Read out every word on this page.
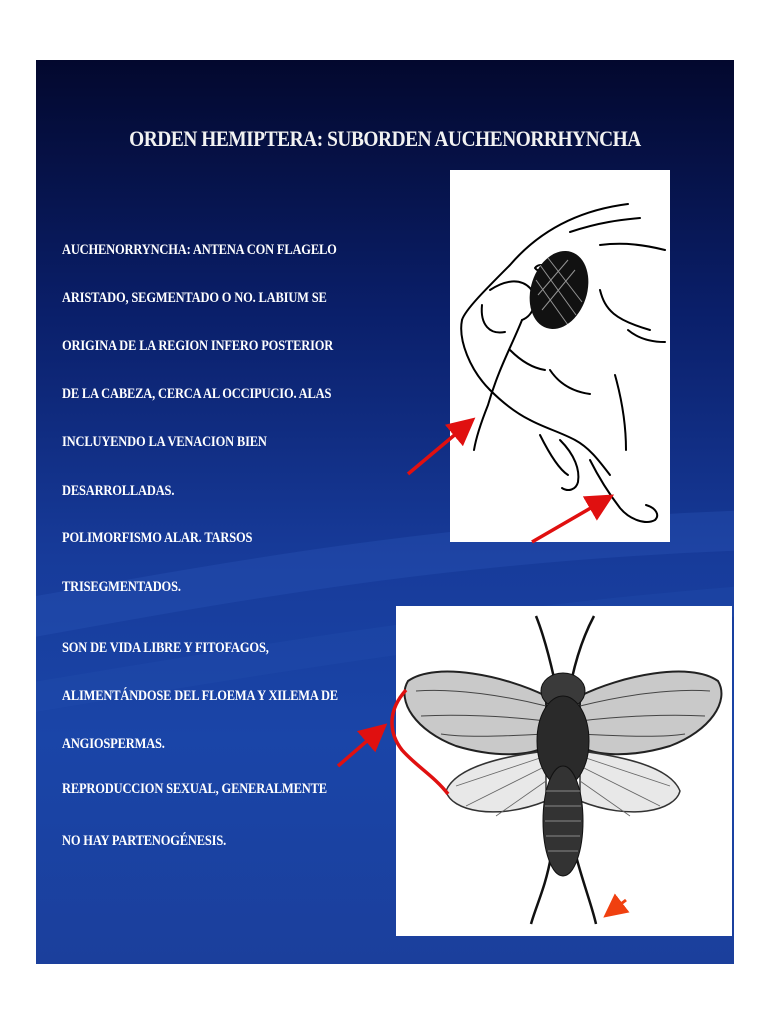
ORDEN HEMIPTERA: SUBORDEN AUCHENORRHYNCHA
AUCHENORRYNCHA: ANTENA CON FLAGELO
ARISTADO, SEGMENTADO O NO. LABIUM SE
ORIGINA DE LA REGION INFERO POSTERIOR
DE LA CABEZA, CERCA AL OCCIPUCIO. ALAS
INCLUYENDO LA VENACION BIEN
DESARROLLADAS.
POLIMORFISMO ALAR. TARSOS
TRISEGMENTADOS.
SON DE VIDA LIBRE Y FITOFAGOS,
ALIMENTÁNDOSE DEL FLOEMA Y XILEMA DE
ANGIOSPERMAS.
REPRODUCCION SEXUAL, GENERALMENTE
NO HAY PARTENOGÉNESIS.
